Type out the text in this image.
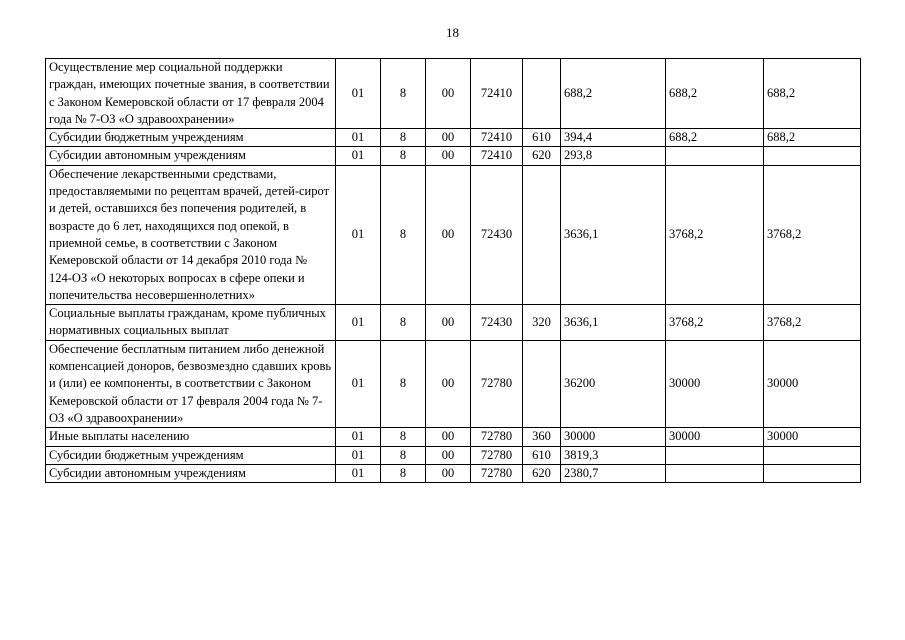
18
Осуществление мер социальной поддержки граждан, имеющих почетные звания, в соответствии с Законом Кемеровской области от 17 февраля 2004 года № 7-ОЗ «О здравоохранении»	01	8	00	72410		688,2	688,2	688,2
Субсидии бюджетным учреждениям	01	8	00	72410	610	394,4	688,2	688,2
Субсидии автономным учреждениям	01	8	00	72410	620	293,8		
Обеспечение лекарственными средствами, предоставляемыми по рецептам врачей, детей-сирот и детей, оставшихся без попечения родителей, в возрасте до 6 лет, находящихся под опекой, в приемной семье, в соответствии с Законом Кемеровской области от 14 декабря 2010 года № 124-ОЗ «О некоторых вопросах в сфере опеки и попечительства несовершеннолетних»	01	8	00	72430		3636,1	3768,2	3768,2
Социальные выплаты гражданам, кроме публичных нормативных социальных выплат	01	8	00	72430	320	3636,1	3768,2	3768,2
Обеспечение бесплатным питанием либо денежной компенсацией доноров, безвозмездно сдавших кровь и (или) ее компоненты, в соответствии с Законом Кемеровской области от 17 февраля 2004 года № 7-ОЗ «О здравоохранении»	01	8	00	72780		36200	30000	30000
Иные выплаты населению	01	8	00	72780	360	30000	30000	30000
Субсидии бюджетным учреждениям	01	8	00	72780	610	3819,3		
Субсидии автономным учреждениям	01	8	00	72780	620	2380,7		
